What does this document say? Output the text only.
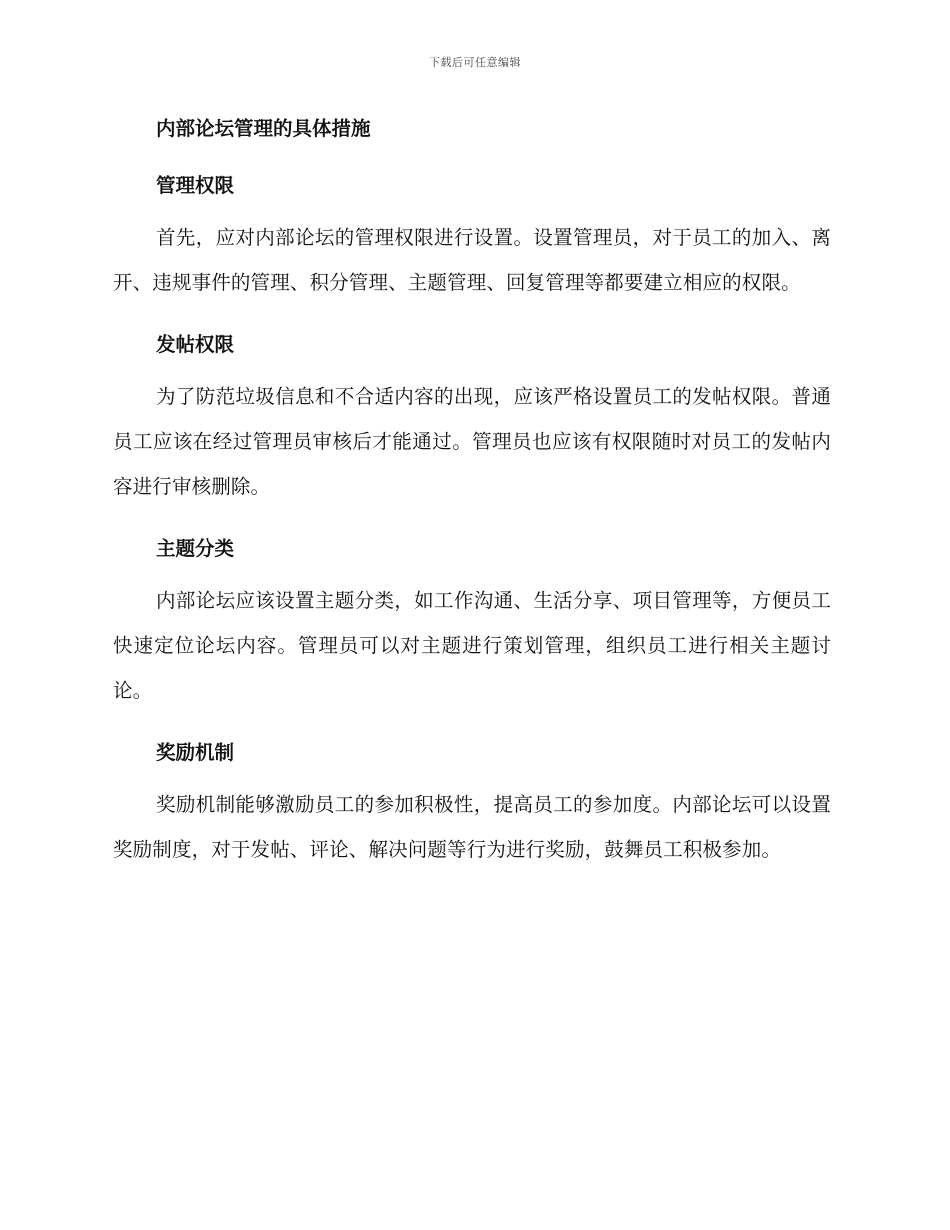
下载后可任意编辑
内部论坛管理的具体措施
管理权限

首先，应对内部论坛的管理权限进行设置。设置管理员，对于员工的加入、离开、违规事件的管理、积分管理、主题管理、回复管理等都要建立相应的权限。

发帖权限

为了防范垃圾信息和不合适内容的出现，应该严格设置员工的发帖权限。普通员工应该在经过管理员审核后才能通过。管理员也应该有权限随时对员工的发帖内容进行审核删除。

主题分类

内部论坛应该设置主题分类，如工作沟通、生活分享、项目管理等，方便员工快速定位论坛内容。管理员可以对主题进行策划管理，组织员工进行相关主题讨论。

奖励机制

奖励机制能够激励员工的参加积极性，提高员工的参加度。内部论坛可以设置奖励制度，对于发帖、评论、解决问题等行为进行奖励，鼓舞员工积极参加。
